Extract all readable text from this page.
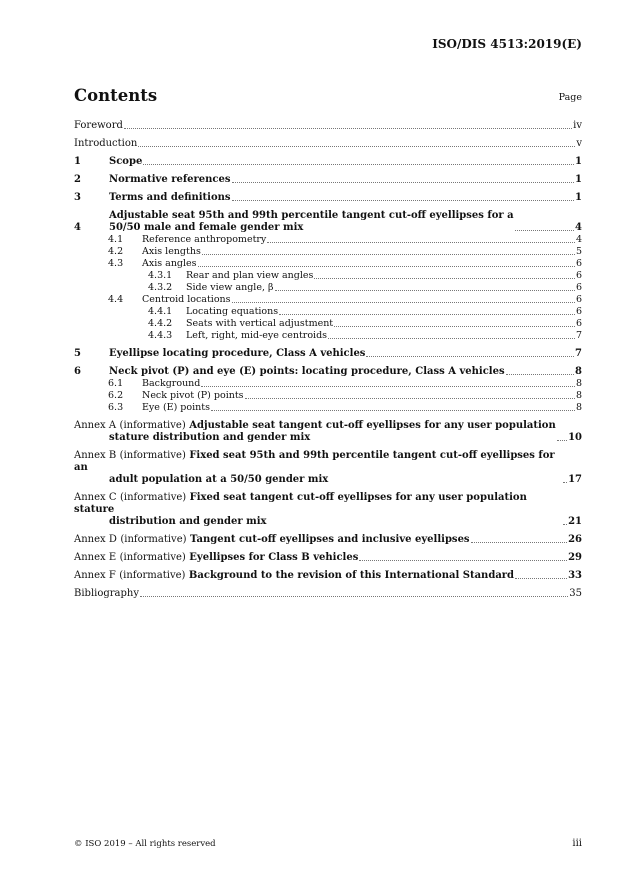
ISO/DIS 4513:2019(E)
Contents	Page
Foreword	iv
Introduction	v
1	Scope	1
2	Normative references	1
3	Terms and definitions	1
4
Adjustable seat 95th and 99th percentile tangent cut-off eyellipses for a
50/50 male and female gender mix	4
4.1	Reference anthropometry	4
4.2	Axis lengths	5
4.3	Axis angles	6
4.3.1	Rear and plan view angles	6
4.3.2	Side view angle, β	6
4.4	Centroid locations	6
4.4.1	Locating equations	6
4.4.2	Seats with vertical adjustment	6
4.4.3	Left, right, mid-eye centroids	7
5	Eyellipse locating procedure, Class A vehicles	7
6	Neck pivot (P) and eye (E) points: locating procedure, Class A vehicles	8
6.1	Background	8
6.2	Neck pivot (P) points	8
6.3	Eye (E) points	8
Annex A (informative) Adjustable seat tangent cut-off eyellipses for any user population
stature distribution and gender mix	10
Annex B (informative) Fixed seat 95th and 99th percentile tangent cut-off eyellipses for an
adult population at a 50/50 gender mix	17
Annex C (informative) Fixed seat tangent cut-off eyellipses for any user population stature
distribution and gender mix	21
Annex D (informative) Tangent cut-off eyellipses and inclusive eyellipses	26
Annex E (informative) Eyellipses for Class B vehicles	29
Annex F (informative) Background to the revision of this International Standard	33
Bibliography	35
© ISO 2019 – All rights reserved	iii
